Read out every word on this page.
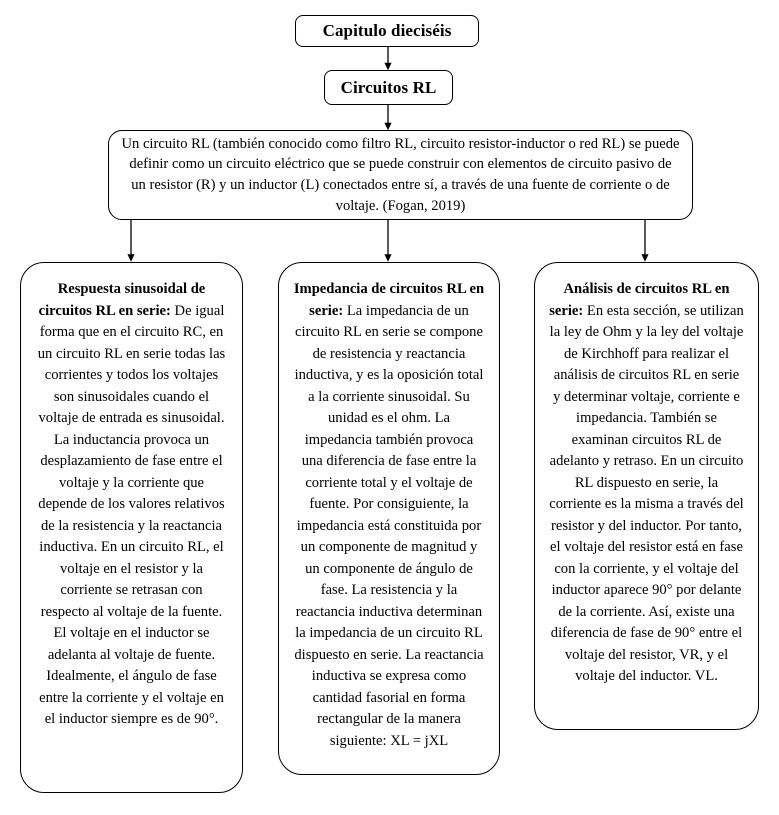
Capitulo dieciséis
Circuitos RL
Un circuito RL (también conocido como filtro RL, circuito resistor-inductor o red RL) se puede definir como un circuito eléctrico que se puede construir con elementos de circuito pasivo de un resistor (R) y un inductor (L) conectados entre sí, a través de una fuente de corriente o de voltaje. (Fogan, 2019)
Respuesta sinusoidal de circuitos RL en serie: De igual forma que en el circuito RC, en un circuito RL en serie todas las corrientes y todos los voltajes son sinusoidales cuando el voltaje de entrada es sinusoidal. La inductancia provoca un desplazamiento de fase entre el voltaje y la corriente que depende de los valores relativos de la resistencia y la reactancia inductiva. En un circuito RL, el voltaje en el resistor y la corriente se retrasan con respecto al voltaje de la fuente. El voltaje en el inductor se adelanta al voltaje de fuente. Idealmente, el ángulo de fase entre la corriente y el voltaje en el inductor siempre es de 90°.
Impedancia de circuitos RL en serie: La impedancia de un circuito RL en serie se compone de resistencia y reactancia inductiva, y es la oposición total a la corriente sinusoidal. Su unidad es el ohm. La impedancia también provoca una diferencia de fase entre la corriente total y el voltaje de fuente. Por consiguiente, la impedancia está constituida por un componente de magnitud y un componente de ángulo de fase. La resistencia y la reactancia inductiva determinan la impedancia de un circuito RL dispuesto en serie. La reactancia inductiva se expresa como cantidad fasorial en forma rectangular de la manera siguiente: XL = jXL
Análisis de circuitos RL en serie: En esta sección, se utilizan la ley de Ohm y la ley del voltaje de Kirchhoff para realizar el análisis de circuitos RL en serie y determinar voltaje, corriente e impedancia. También se examinan circuitos RL de adelanto y retraso. En un circuito RL dispuesto en serie, la corriente es la misma a través del resistor y del inductor. Por tanto, el voltaje del resistor está en fase con la corriente, y el voltaje del inductor aparece 90° por delante de la corriente. Así, existe una diferencia de fase de 90° entre el voltaje del resistor, VR, y el voltaje del inductor. VL.
